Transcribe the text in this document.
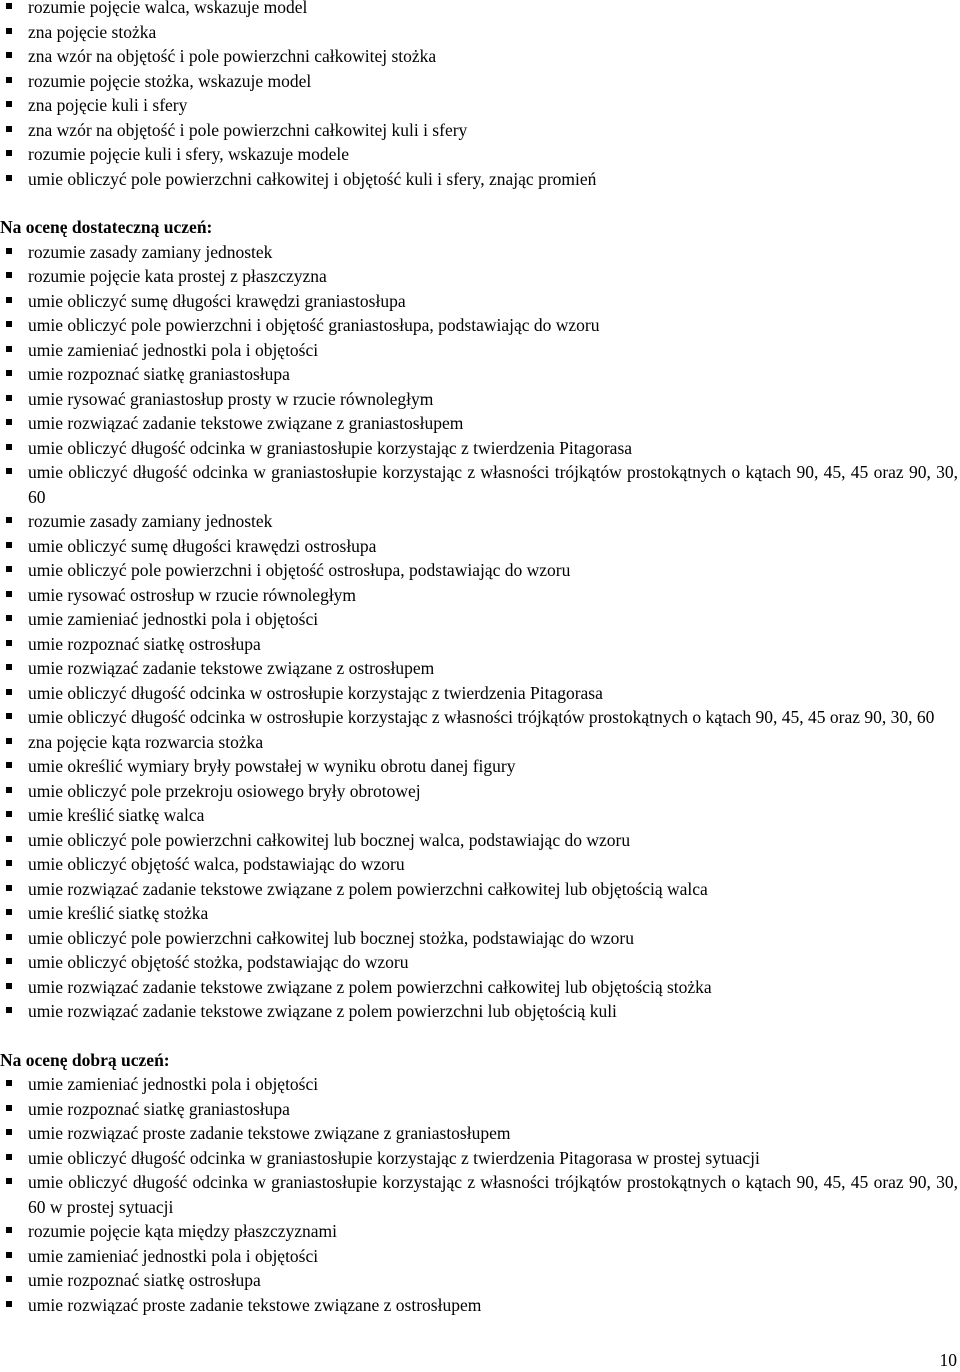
rozumie pojęcie walca, wskazuje model
zna pojęcie stożka
zna wzór na objętość i pole powierzchni całkowitej stożka
rozumie pojęcie stożka, wskazuje model
zna pojęcie kuli i sfery
zna wzór na objętość i pole powierzchni całkowitej kuli i sfery
rozumie pojęcie kuli i sfery, wskazuje modele
umie obliczyć pole powierzchni całkowitej i objętość kuli i sfery, znając promień

Na ocenę dostateczną uczeń:

rozumie zasady zamiany jednostek
rozumie pojęcie kata prostej z płaszczyzna
umie obliczyć sumę długości krawędzi graniastosłupa
umie obliczyć pole powierzchni i objętość graniastosłupa, podstawiając do wzoru
umie zamieniać jednostki pola i objętości
umie rozpoznać siatkę graniastosłupa
umie rysować graniastosłup prosty w rzucie równoległym
umie rozwiązać zadanie tekstowe związane z graniastosłupem
umie obliczyć długość odcinka w graniastosłupie korzystając z twierdzenia Pitagorasa
umie obliczyć długość odcinka w graniastosłupie korzystając z własności trójkątów prostokątnych o kątach 90, 45, 45 oraz 90, 30, 60
rozumie zasady zamiany jednostek
umie obliczyć sumę długości krawędzi ostrosłupa
umie obliczyć pole powierzchni i objętość ostrosłupa, podstawiając do wzoru
umie rysować ostrosłup w rzucie równoległym
umie zamieniać jednostki pola i objętości
umie rozpoznać siatkę ostrosłupa
umie rozwiązać zadanie tekstowe związane z ostrosłupem
umie obliczyć długość odcinka w ostrosłupie korzystając z twierdzenia Pitagorasa
umie obliczyć długość odcinka w ostrosłupie korzystając z własności trójkątów prostokątnych o kątach 90, 45, 45 oraz 90, 30, 60
zna pojęcie kąta rozwarcia stożka
umie określić wymiary bryły powstałej w wyniku obrotu danej figury
umie obliczyć pole przekroju osiowego bryły obrotowej
umie kreślić siatkę walca
umie obliczyć pole powierzchni całkowitej lub bocznej walca, podstawiając do wzoru
umie obliczyć objętość walca, podstawiając do wzoru
umie rozwiązać zadanie tekstowe związane z polem powierzchni całkowitej lub objętością walca
umie kreślić siatkę stożka
umie obliczyć pole powierzchni całkowitej lub bocznej stożka, podstawiając do wzoru
umie obliczyć objętość stożka, podstawiając do wzoru
umie rozwiązać zadanie tekstowe związane z polem powierzchni całkowitej lub objętością stożka
umie rozwiązać zadanie tekstowe związane z polem powierzchni lub objętością kuli

Na ocenę dobrą uczeń:

umie zamieniać jednostki pola i objętości
umie rozpoznać siatkę graniastosłupa
umie rozwiązać proste zadanie tekstowe związane z graniastosłupem
umie obliczyć długość odcinka w graniastosłupie korzystając z twierdzenia Pitagorasa w prostej sytuacji
umie obliczyć długość odcinka w graniastosłupie korzystając z własności trójkątów prostokątnych o kątach 90, 45, 45 oraz 90, 30, 60 w prostej sytuacji
rozumie pojęcie kąta między płaszczyznami
umie zamieniać jednostki pola i objętości
umie rozpoznać siatkę ostrosłupa
umie rozwiązać proste zadanie tekstowe związane z ostrosłupem
10
